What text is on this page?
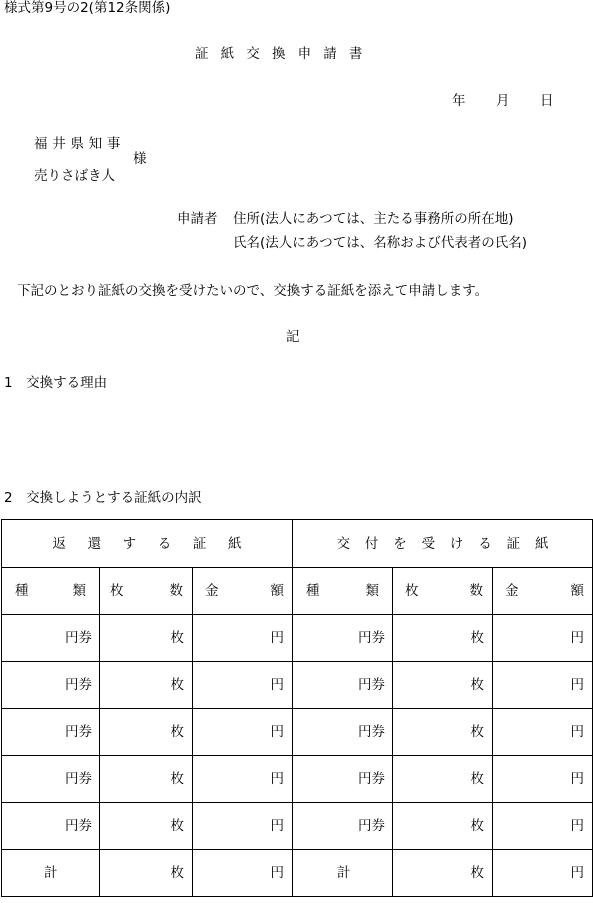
様式第9号の2(第12条関係)
証紙交換申請書
年 月 日
福井県知事
様
売りさばき人
申請者 住所(法人にあつては、主たる事務所の所在地)
氏名(法人にあつては、名称および代表者の氏名)
下記のとおり証紙の交換を受けたいので、交換する証紙を添えて申請します。
記
1　交換する理由
2　交換しようとする証紙の内訳
返還する証紙			交付を受ける証紙		

種 類	枚 数	金 額	種 類	枚 数	金 額

円券	枚	円	円券	枚	円
円券	枚	円	円券	枚	円
円券	枚	円	円券	枚	円
円券	枚	円	円券	枚	円
円券	枚	円	円券	枚	円
計	枚	円	計	枚	円
